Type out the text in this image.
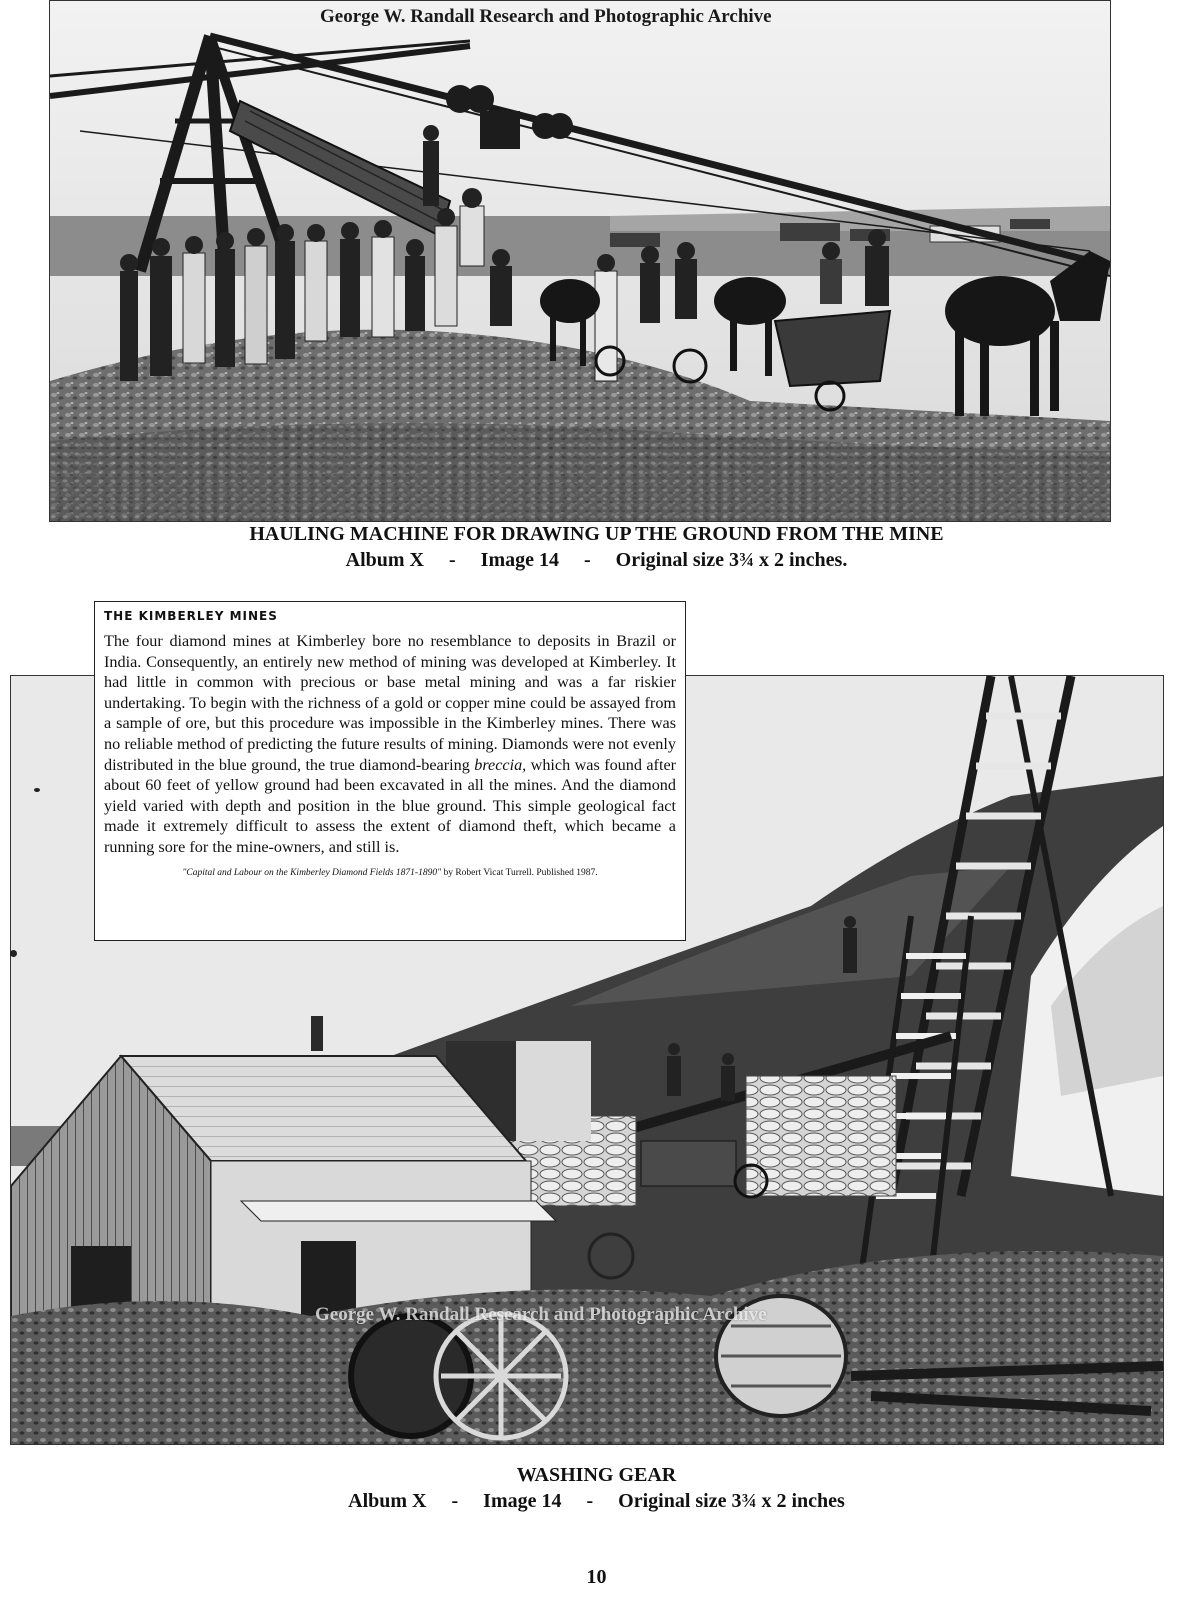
George W. Randall Research and Photographic Archive
HAULING MACHINE FOR DRAWING UP THE GROUND FROM THE MINE
Album X - Image 14 - Original size 3¾ x 2 inches.
George W. Randall Research and Photographic Archive
THE KIMBERLEY MINES

The four diamond mines at Kimberley bore no resemblance to deposits in Brazil or India. Consequently, an entirely new method of mining was developed at Kimberley. It had little in common with precious or base metal mining and was a far riskier undertaking. To begin with the richness of a gold or copper mine could be assayed from a sample of ore, but this procedure was impossible in the Kimberley mines. There was no reliable method of predicting the future results of mining. Diamonds were not evenly distributed in the blue ground, the true diamond-bearing breccia, which was found after about 60 feet of yellow ground had been excavated in all the mines. And the diamond yield varied with depth and position in the blue ground. This simple geological fact made it extremely difficult to assess the extent of diamond theft, which became a running sore for the mine-owners, and still is.

"Capital and Labour on the Kimberley Diamond Fields 1871-1890" by Robert Vicat Turrell. Published 1987.
WASHING GEAR
Album X - Image 14 - Original size 3¾ x 2 inches
10
